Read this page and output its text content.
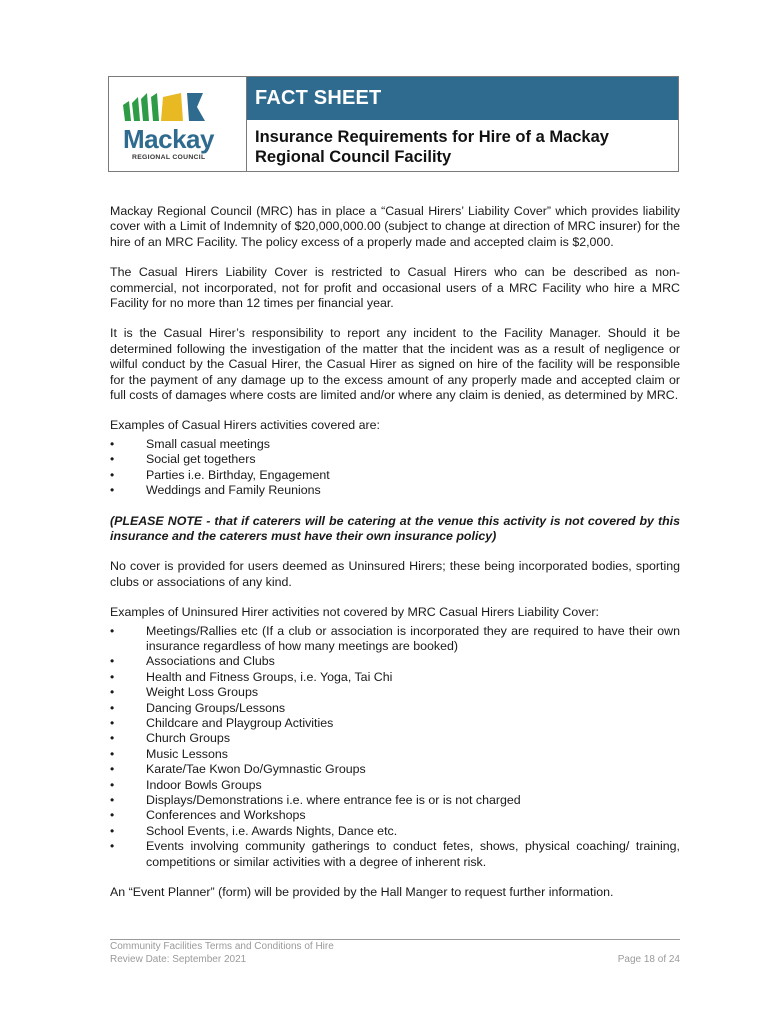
Mackay
REGIONAL COUNCIL
FACT SHEET
Insurance Requirements for Hire of a Mackay Regional Council Facility

Mackay Regional Council (MRC) has in place a “Casual Hirers’ Liability Cover” which provides liability cover with a Limit of Indemnity of $20,000,000.00 (subject to change at direction of MRC insurer) for the hire of an MRC Facility. The policy excess of a properly made and accepted claim is $2,000.

The Casual Hirers Liability Cover is restricted to Casual Hirers who can be described as non-commercial, not incorporated, not for profit and occasional users of a MRC Facility who hire a MRC Facility for no more than 12 times per financial year.

It is the Casual Hirer’s responsibility to report any incident to the Facility Manager. Should it be determined following the investigation of the matter that the incident was as a result of negligence or wilful conduct by the Casual Hirer, the Casual Hirer as signed on hire of the facility will be responsible for the payment of any damage up to the excess amount of any properly made and accepted claim or full costs of damages where costs are limited and/or where any claim is denied, as determined by MRC.

Examples of Casual Hirers activities covered are:

• Small casual meetings
• Social get togethers
• Parties i.e. Birthday, Engagement
• Weddings and Family Reunions

(PLEASE NOTE - that if caterers will be catering at the venue this activity is not covered by this insurance and the caterers must have their own insurance policy)

No cover is provided for users deemed as Uninsured Hirers; these being incorporated bodies, sporting clubs or associations of any kind.

Examples of Uninsured Hirer activities not covered by MRC Casual Hirers Liability Cover:

• Meetings/Rallies etc (If a club or association is incorporated they are required to have their own insurance regardless of how many meetings are booked)
• Associations and Clubs
• Health and Fitness Groups, i.e. Yoga, Tai Chi
• Weight Loss Groups
• Dancing Groups/Lessons
• Childcare and Playgroup Activities
• Church Groups
• Music Lessons
• Karate/Tae Kwon Do/Gymnastic Groups
• Indoor Bowls Groups
• Displays/Demonstrations i.e. where entrance fee is or is not charged
• Conferences and Workshops
• School Events, i.e. Awards Nights, Dance etc.
• Events involving community gatherings to conduct fetes, shows, physical coaching/ training, competitions or similar activities with a degree of inherent risk.

An “Event Planner” (form) will be provided by the Hall Manger to request further information.

Community Facilities Terms and Conditions of Hire
Review Date: September 2021	Page 18 of 24
